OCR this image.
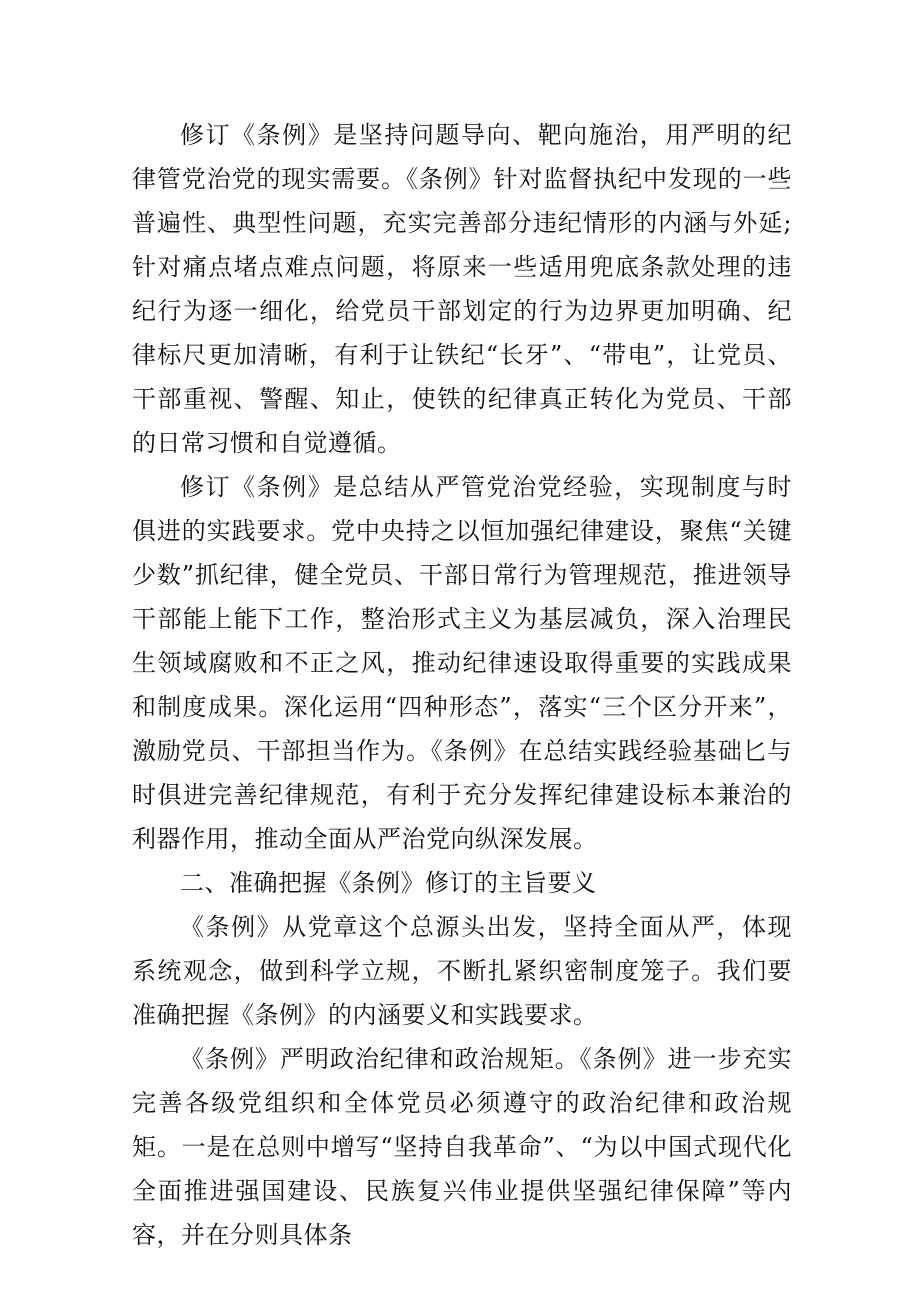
修订《条例》是坚持问题导向、靶向施治，用严明的纪律管党治党的现实需要。《条例》针对监督执纪中发现的一些普遍性、典型性问题，充实完善部分违纪情形的内涵与外延;针对痛点堵点难点问题，将原来一些适用兜底条款处理的违纪行为逐一细化，给党员干部划定的行为边界更加明确、纪律标尺更加清晰，有利于让铁纪“长牙”、“带电”，让党员、干部重视、警醒、知止，使铁的纪律真正转化为党员、干部的日常习惯和自觉遵循。

修订《条例》是总结从严管党治党经验，实现制度与时俱进的实践要求。党中央持之以恒加强纪律建设，聚焦“关键少数”抓纪律，健全党员、干部日常行为管理规范，推进领导干部能上能下工作，整治形式主义为基层减负，深入治理民生领域腐败和不正之风，推动纪律速设取得重要的实践成果和制度成果。深化运用“四种形态”，落实“三个区分开来”，激励党员、干部担当作为。《条例》在总结实践经验基础匕与时俱进完善纪律规范，有利于充分发挥纪律建设标本兼治的利器作用，推动全面从严治党向纵深发展。

二、准确把握《条例》修订的主旨要义

《条例》从党章这个总源头出发，坚持全面从严，体现系统观念，做到科学立规，不断扎紧织密制度笼子。我们要准确把握《条例》的内涵要义和实践要求。

《条例》严明政治纪律和政治规矩。《条例》进一步充实完善各级党组织和全体党员必须遵守的政治纪律和政治规矩。一是在总则中增写“坚持自我革命”、“为以中国式现代化全面推进强国建设、民族复兴伟业提供坚强纪律保障”等内容，并在分则具体条
